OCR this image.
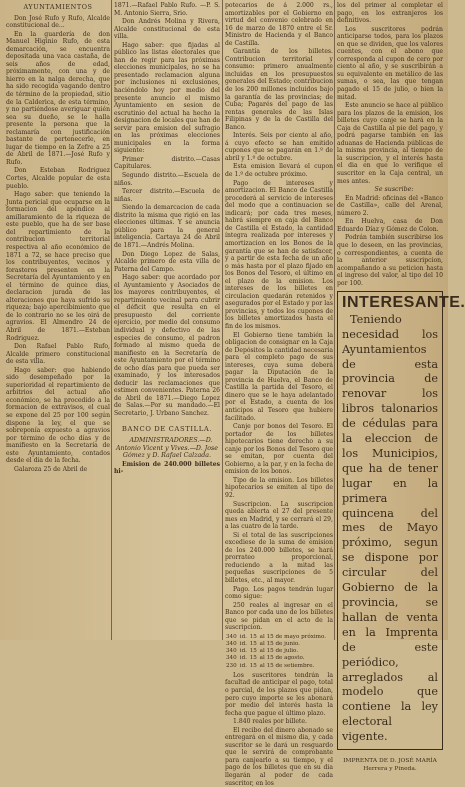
AYUNTAMIENTOS

Don José Rufo y Rufo, Alcalde constitucional de...

En la guardería de don Manuel Higinio Rufo, de esta demarcación, se encuentra depositada una vaca castaña, de seis años de edad, próximamente, con una y de hierro en la nalga derecha, que ha sido recogida vagando dentro de término de la propiedad, sitio de la Calderica, de esta término, y no partiéndose averiguar quién sea su dueño, se le halla presente la persona que la reclamaría con justificación bastante de pertenecerle, en lugar de tiempo en la Zefre a 25 de Abril de 1871.—José Rufo y Rufo.

Don Esteban Rodriguez Cortes, Alcalde popular de esta pueblo.

Hago saber: que teniendo la Junta pericial que ocuparse en la formacion del apéndice al amillaramiento de la riqueza de este pueblo, que ha de ser base del repartimiento de la contribucion territorial respectiva al año económico de 1871 a 72, se hace preciso que los contribuyentes, vecinos y forasteros presenten en la Secretaría del Ayuntamiento y en el término de quince dias, declaracion jurada de las alteraciones que haya sufrido su riqueza; bajo apercibimiento que de lo contrario no se les oirá de agravios. El Almendro 24 de Abril de 1871.—Esteban Rodriguez.

Don Rafael Pablo Rufo, Alcalde primero constitucional de esta villa.

Hago saber: que habiendo sido desempeñado por la superioridad el repartimiento de arbitrios del actual año económico, se ha procedido a la formacion de extravisos, el cual se expone del 25 por 100 según dispone la ley, el que se sobreponía expuesto a agravios por término de ocho días y de manifiesto en la Secretaría de este Ayuntamiento, contados desde el dia de la fecha.

Galaroza 25 de Abril de

1871.—Rafael Pablo Rufo. —P. S. M. Antonio Sierra, Srio.

Don Andrés Molina y Rivera, Alcalde constitucional de esta villa.

Hago saber: que fijadas al público las listas electorales que han de regir para las próximas elecciones municipales, no se ha presentado reclamacion alguna por inclusiones ni exclusiones, haciéndolo hoy por medio del presente anuncio el mismo Ayuntamiento en sesion de escrutinio del actual ha hecho la designacion de locales que han de servir para emision del sufragio en las próximas elecciones municipales en la forma siguiente:

Primer distrito.—Casas Capitulares.

Segundo distrito.—Escuela de niños.

Tercer distrito.—Escuela de niñas.

Siendo la demarcacion de cada distrito la misma que rigió en las elecciones últimas. Y se anuncia público para la general inteligencia. Cartaya 24 de Abril de 1871.—Andrés Molina.

Don Diego Lopez de Salas, Alcalde primero de esta villa de Paterna del Campo.

Hago saber: que acordado por el Ayuntamiento y Asociados de los mayores contribuyentes, el repartimiento vecinal para cubrir el déficit que resulta en el presupuesto del corriente ejercicio, por medio del consumo individual y defectivo de las especies de consumo, el padron formado al mismo queda de manifiesto en la Secretaría de este Ayuntamiento por el término de ocho días para que pueda ser examinado, y los interesados deducir las reclamaciones que estimen convenientes. Paterna 26 de Abril de 1871.—Diego Lopez de Salas.—Por su mandado.—El Secretario, J. Urbano Sanchez.

BANCO DE CASTILLA.

ADMINISTRADORES.—D. Antonio Vicent y Vives.—D. Jose Gómez y D. Rafael Calzada.

Emision de 240.000 billetes hi-

potecarios de á 2.000 rs., amortizables por el Gobierno en virtud del convenio celebrado en 16 de marzo de 1870 entre el Sr. Ministro de Hacienda y el Banco de Castilla.

Garantía de los billetes. Contribucion territorial y consumo: primero anualmente incluidas en los presupuestos generales del Estado; contribucion de los 200 millones incluidos bajo la garantía de las provincias; de Cuba; Pagarés del pago de las rentas generales de las Islas Filipinas y de la de Castilla del Banco.

Interés. Seis por ciento al año, á cuyo efecto se han emitido cupones que se pagarán en 1.º de abril y 1.º de octubre.

Esta emision llevará el cupon de 1.º de octubre próximo.

Pago de intereses y amortizacion. El Banco de Castilla procederá al servicio de intereses del modo que a continuacion se indicará; por cada tres meses, habrá siempre en caja del Banco de Castilla el Estado, la cantidad íntegra realizada por intereses y amortizacion en los Bonos de la garantía que se han de satisfacer, y a partir de esta fecha de un año o más hasta por el plazo fijado en los Bonos del Tesoro, el último en el plazo de la emision. Los intereses de los billetes en circulacion quedarán retenidos y asegurados por el Estado y por las provincias, y todos los cupones de los billetes amortizados hasta el fin de los mismos.

El Gobierno tiene también la obligacion de consignar en la Caja de Depósitos la cantidad necesaria para el completo pago de sus intereses, cuya suma deberá pagar la Diputación de la provincia de Huelva, el Banco de Castilla la partida del Tesoro, el dinero que se le haya adelantado por el Estado, a cuenta de los anticipos al Tesoro que hubiere facilitado.

Canje por bonos del Tesoro. El portador de los billetes hipotecarios tiene derecho a su canje por los Bonos del Tesoro que se emitan, por cuenta del Gobierno, a la par, y en la fecha de emision de los bonos.

Tipo de la emision. Los billetes hipotecarios se emiten al tipo de 92.

Suscripcion. La suscripcion queda abierta el 27 del presente mes en Madrid, y se cerrará el 29, a las cuatro de la tarde.

Si el total de las suscripciones excediese de la suma de emision de los 240.000 billetes, se hará prorrateo proporcional, reduciendo a la mitad las pequeñas suscripciones de 5 billetes, etc., al mayor.

Pago. Los pagos tendrán lugar como sigue:

250 reales al ingresar en el Banco por cada uno de los billetes que se pidan en el acto de la suscripcion.

340	id.	15	al 15 de mayo próximo.
340	id.	15	al 15 de junio.
340	id.	15	al 15 de julio.
340	id.	15	al 15 de agosto.
230	id.	15	al 15 de setiembre.

Los suscritores tendrán la facultad de anticipar el pago, total o parcial, de los plazos que pidan, pero cuyo importe se les abonará por medio del interés hasta la fecha que pague el último plazo.

1.840 reales por billete.

El recibo del dinero abonado se entregará en el mismo dia, y cada suscritor se le dará un resguardo que le servirá de comprobante para canjearlo a su tiempo, y el pago de los billetes que en su dia llegarán al poder de cada suscritor, en los

los del primer al completar el pago, en los extranjeros los definitivos.

Los suscritores podrán anticiparse todos, para los plazos en que se dividen, que los valores cuentes, con el abono que corresponda al cupon de cero por ciento al año, y se suscribirán a su equivalente en metálico de las sumas, o sea, las que tengan pagado el 15 de julio, o bien la mitad.

Este anuncio se hace al público para los plazos de la emision, los billetes cuyo canje se hará en la Caja de Castilla al pie del pago, y podrá pagarse también en las aduanas de Hacienda públicas de la misma provincia, al tiempo de la suscripcion, y el interés hasta el dia en que lo verifique el suscritor en la Caja central, un mes antes.

Se suscribe:

En Madrid: oficinas del «Banco de Castilla», calle del Arenal, número 2.

En Huelva, casa de Don Eduardo Díaz y Gómez de Colon.

Podrán también suscribirse los que lo deseen, en las provincias, o correspondientes, a cuenta de la anterior suscripcion, acompañando a su peticion hasta el ingreso del valor, al tipo del 10 por 100.

INTERESANTE.

Teniendo necesidad los Ayuntamientos de esta provincia de renovar los libros talonarios de cédulas para la eleccion de los Municipios, que ha de tener lugar en la primera quincena del mes de Mayo próximo, segun se dispone por circular del Gobierno de la provincia, se hallan de venta en la Imprenta de este periódico, arreglados al modelo que contiene la ley electoral vigente.

IMPRENTA DE D. JOSÉ MARÍA Herrera y Pineda.
